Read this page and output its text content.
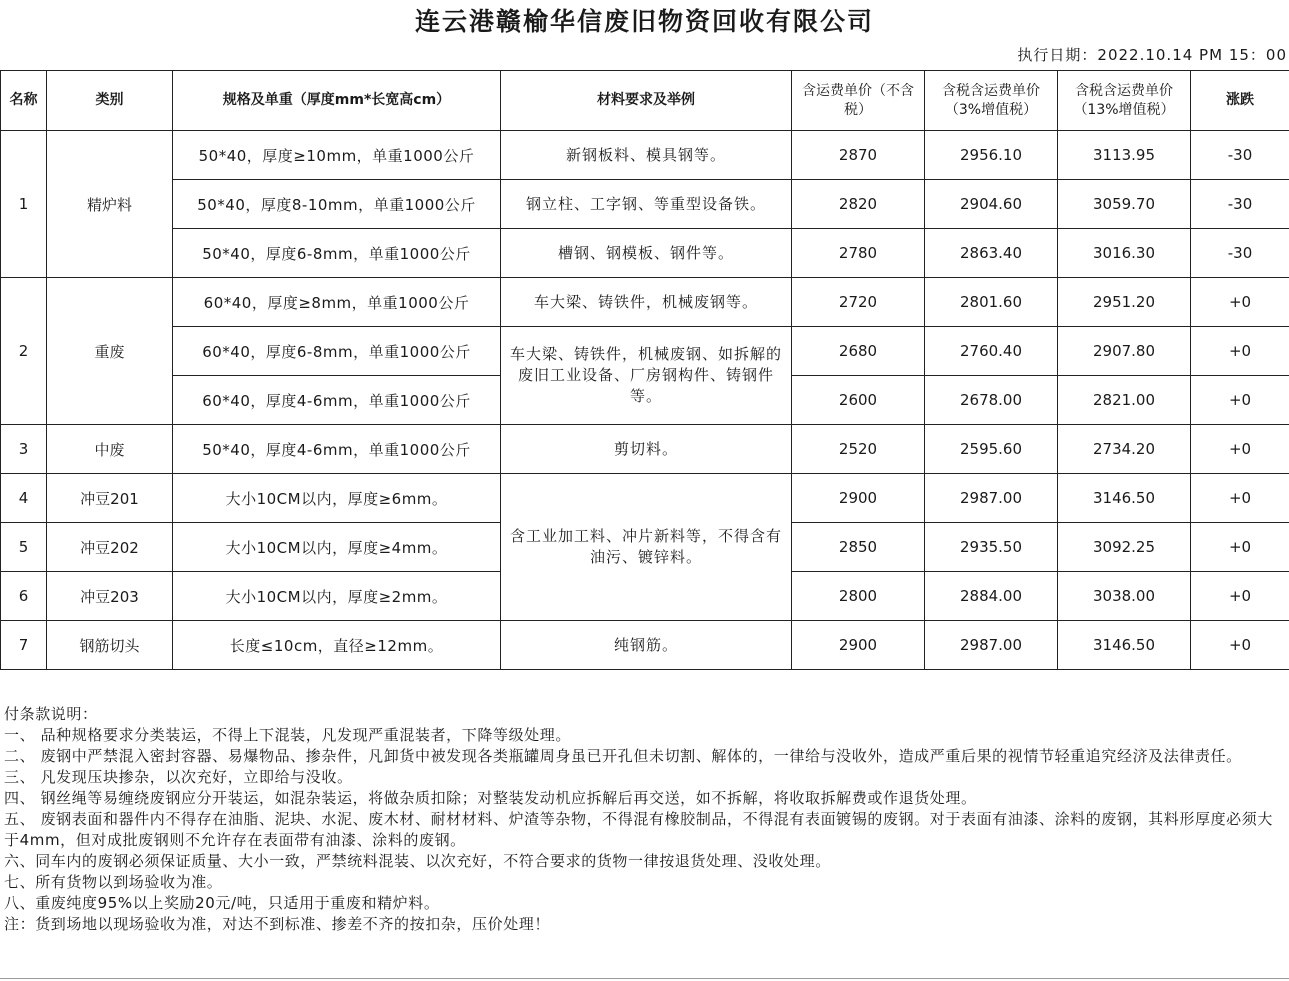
连云港赣榆华信废旧物资回收有限公司
执行日期：2022.10.14 PM 15：00
名称	类别	规格及单重（厚度mm*长宽高cm）	材料要求及举例	含运费单价（不含税）	含税含运费单价（3%增值税）	含税含运费单价（13%增值税）	涨跌
1	精炉料	50*40，厚度≥10mm，单重1000公斤	新钢板料、模具钢等。	2870	2956.10	3113.95	-30
		50*40，厚度8-10mm，单重1000公斤	钢立柱、工字钢、等重型设备铁。	2820	2904.60	3059.70	-30
		50*40，厚度6-8mm，单重1000公斤	槽钢、钢模板、钢件等。	2780	2863.40	3016.30	-30
2	重废	60*40，厚度≥8mm，单重1000公斤	车大梁、铸铁件，机械废钢等。	2720	2801.60	2951.20	+0
		60*40，厚度6-8mm，单重1000公斤	车大梁、铸铁件，机械废钢、如拆解的废旧工业设备、厂房钢构件、铸钢件等。	2680	2760.40	2907.80	+0
		60*40，厚度4-6mm，单重1000公斤		2600	2678.00	2821.00	+0
3	中废	50*40，厚度4-6mm，单重1000公斤	剪切料。	2520	2595.60	2734.20	+0
4	冲豆201	大小10CM以内，厚度≥6mm。	含工业加工料、冲片新料等，不得含有油污、镀锌料。	2900	2987.00	3146.50	+0
5	冲豆202	大小10CM以内，厚度≥4mm。		2850	2935.50	3092.25	+0
6	冲豆203	大小10CM以内，厚度≥2mm。		2800	2884.00	3038.00	+0
7	钢筋切头	长度≤10cm，直径≥12mm。	纯钢筋。	2900	2987.00	3146.50	+0
付条款说明：
一、 品种规格要求分类装运，不得上下混装，凡发现严重混装者，下降等级处理。
二、 废钢中严禁混入密封容器、易爆物品、掺杂件，凡卸货中被发现各类瓶罐周身虽已开孔但未切割、解体的，一律给与没收外，造成严重后果的视情节轻重追究经济及法律责任。
三、 凡发现压块掺杂，以次充好，立即给与没收。
四、 钢丝绳等易缠绕废钢应分开装运，如混杂装运，将做杂质扣除；对整装发动机应拆解后再交送，如不拆解，将收取拆解费或作退货处理。
五、 废钢表面和器件内不得存在油脂、泥块、水泥、废木材、耐材材料、炉渣等杂物，不得混有橡胶制品，不得混有表面镀锡的废钢。对于表面有油漆、涂料的废钢，其料形厚度必须大于4mm，但对成批废钢则不允许存在表面带有油漆、涂料的废钢。
六、同车内的废钢必须保证质量、大小一致，严禁统料混装、以次充好，不符合要求的货物一律按退货处理、没收处理。
七、所有货物以到场验收为准。
八、重废纯度95%以上奖励20元/吨，只适用于重废和精炉料。
注：货到场地以现场验收为准，对达不到标准、掺差不齐的按扣杂，压价处理！
